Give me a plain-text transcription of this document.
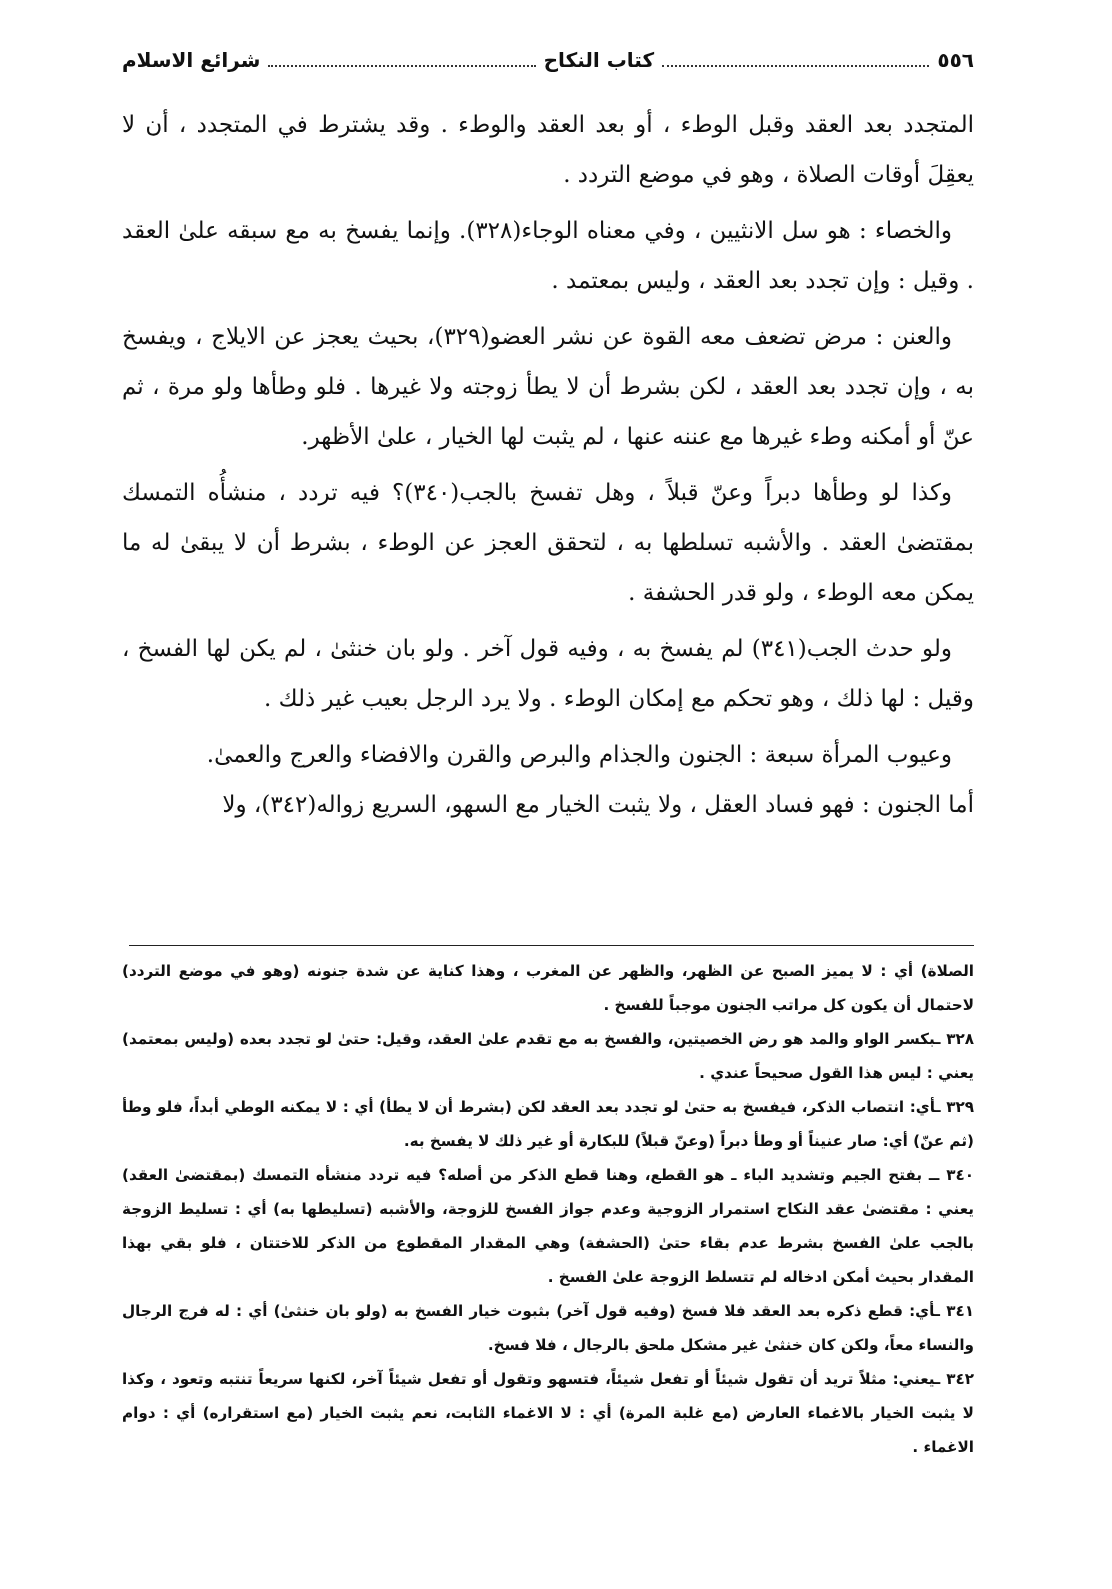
٥٥٦
كتاب النكاح
شرائع الاسلام

المتجدد بعد العقد وقبل الوطء ، أو بعد العقد والوطء . وقد يشترط في المتجدد ، أن لا يعقِلَ أوقات الصلاة ، وهو في موضع التردد .

والخصاء : هو سل الانثيين ، وفي معناه الوجاء(٣٢٨). وإنما يفسخ به مع سبقه علىٰ العقد . وقيل : وإن تجدد بعد العقد ، وليس بمعتمد .

والعنن : مرض تضعف معه القوة عن نشر العضو(٣٢٩)، بحيث يعجز عن الايلاج ، ويفسخ به ، وإن تجدد بعد العقد ، لكن بشرط أن لا يطأ زوجته ولا غيرها . فلو وطأها ولو مرة ، ثم عنّ أو أمكنه وطء غيرها مع عننه عنها ، لم يثبت لها الخيار ، علىٰ الأظهر.

وكذا لو وطأها دبراً وعنّ قبلاً ، وهل تفسخ بالجب(٣٤٠)؟ فيه تردد ، منشأُه التمسك بمقتضىٰ العقد . والأشبه تسلطها به ، لتحقق العجز عن الوطء ، بشرط أن لا يبقىٰ له ما يمكن معه الوطء ، ولو قدر الحشفة .

ولو حدث الجب(٣٤١) لم يفسخ به ، وفيه قول آخر . ولو بان خنثىٰ ، لم يكن لها الفسخ ، وقيل : لها ذلك ، وهو تحكم مع إمكان الوطء . ولا يرد الرجل بعيب غير ذلك .

وعيوب المرأة سبعة : الجنون والجذام والبرص والقرن والافضاء والعرج والعمىٰ.

أما الجنون : فهو فساد العقل ، ولا يثبت الخيار مع السهو، السريع زواله(٣٤٢)، ولا

الصلاة) أي : لا يميز الصبح عن الظهر، والظهر عن المغرب ، وهذا كناية عن شدة جنونه (وهو في موضع التردد) لاحتمال أن يكون كل مراتب الجنون موجباً للفسخ .

٣٢٨ ـبكسر الواو والمد هو رض الخصيتين، والفسخ به مع تقدم علىٰ العقد، وقيل: حتىٰ لو تجدد بعده (وليس بمعتمد) يعني : ليس هذا القول صحيحاً عندي .

٣٢٩ ـأي: انتصاب الذكر، فيفسخ به حتىٰ لو تجدد بعد العقد لكن (بشرط أن لا يطأ) أي : لا يمكنه الوطي أبداً، فلو وطأ (ثم عنّ) أي: صار عنيناً أو وطأ دبراً (وعنّ قبلاً) للبكارة أو غير ذلك لا يفسخ به.

٣٤٠ ــ بفتح الجيم وتشديد الباء ـ هو القطع، وهنا قطع الذكر من أصله؟ فيه تردد منشأه التمسك (بمقتضىٰ العقد) يعني : مقتضىٰ عقد النكاح استمرار الزوجية وعدم جواز الفسخ للزوجة، والأشبه (تسليطها به) أي : تسليط الزوجة بالجب علىٰ الفسخ بشرط عدم بقاء حتىٰ (الحشفة) وهي المقدار المقطوع من الذكر للاختتان ، فلو بقي بهذا المقدار بحيث أمكن ادخاله لم تتسلط الزوجة علىٰ الفسخ .

٣٤١ ـأي: قطع ذكره بعد العقد فلا فسخ (وفيه قول آخر) بثبوت خيار الفسخ به (ولو بان خنثىٰ) أي : له فرج الرجال والنساء معاً، ولكن كان خنثىٰ غير مشكل ملحق بالرجال ، فلا فسخ.

٣٤٢ ـيعني: مثلاً تريد أن تقول شيئاً أو تفعل شيئاً، فتسهو وتقول أو تفعل شيئاً آخر، لكنها سريعاً تنتبه وتعود ، وكذا لا يثبت الخيار بالاغماء العارض (مع غلبة المرة) أي : لا الاغماء الثابت، نعم يثبت الخيار (مع استقراره) أي : دوام الاغماء .
